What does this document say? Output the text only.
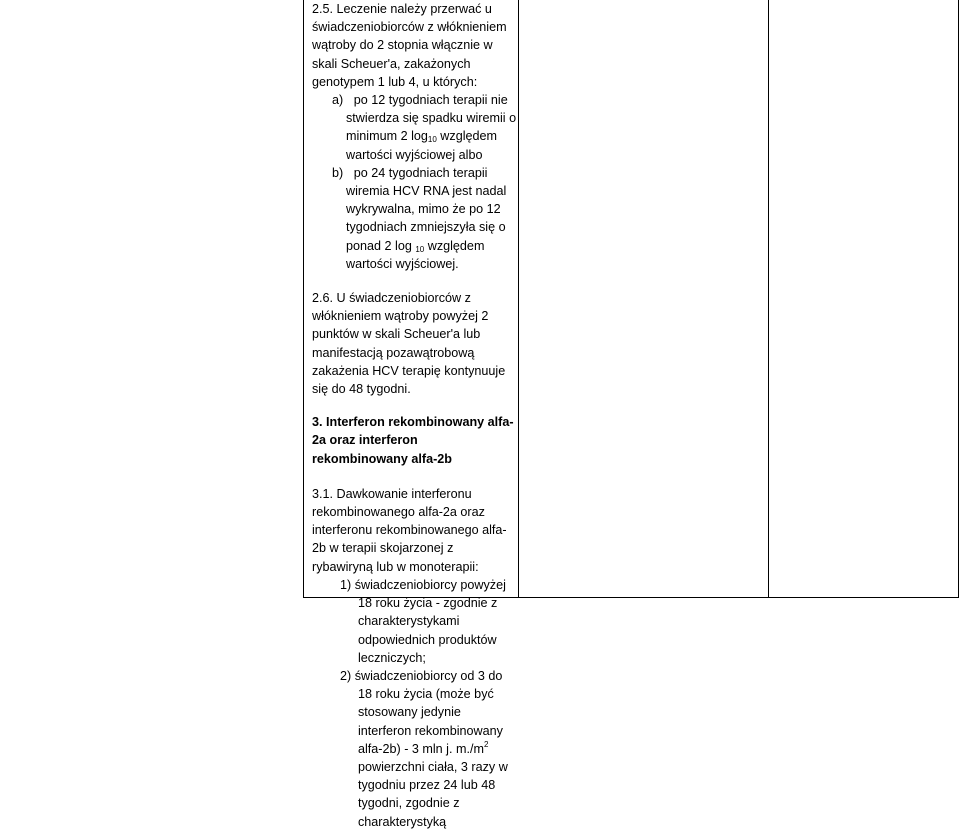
2.5. Leczenie należy przerwać u świadczeniobiorców z włóknieniem wątroby do 2 stopnia włącznie w skali Scheuer'a, zakażonych genotypem 1 lub 4, u których:

a) po 12 tygodniach terapii nie stwierdza się spadku wiremii o minimum 2 $\log_{10}$ względem wartości wyjściowej albo

b) po 24 tygodniach terapii wiremia HCV RNA jest nadal wykrywalna, mimo że po 12 tygodniach zmniejszyła się o ponad 2 log $_{10}$ względem wartości wyjściowej.

2.6. U świadczeniobiorców z włóknieniem wątroby powyżej 2 punktów w skali Scheuer'a lub manifestacją pozawątrobową zakażenia HCV terapię kontynuuje się do 48 tygodni.

3. Interferon rekombinowany alfa-2a oraz interferon rekombinowany alfa-2b

3.1. Dawkowanie interferonu rekombinowanego alfa-2a oraz interferonu rekombinowanego alfa-2b w terapii skojarzonej z rybawiryną lub w monoterapii:

1) świadczeniobiorcy powyżej 18 roku życia - zgodnie z charakterystykami odpowiednich produktów leczniczych;

2) świadczeniobiorcy od 3 do 18 roku życia (może być stosowany jedynie interferon rekombinowany alfa-2b) - 3 mln j. $m./m^2$ powierzchni ciała, 3 razy w tygodniu przez 24 lub 48 tygodni, zgodnie z charakterystyką
